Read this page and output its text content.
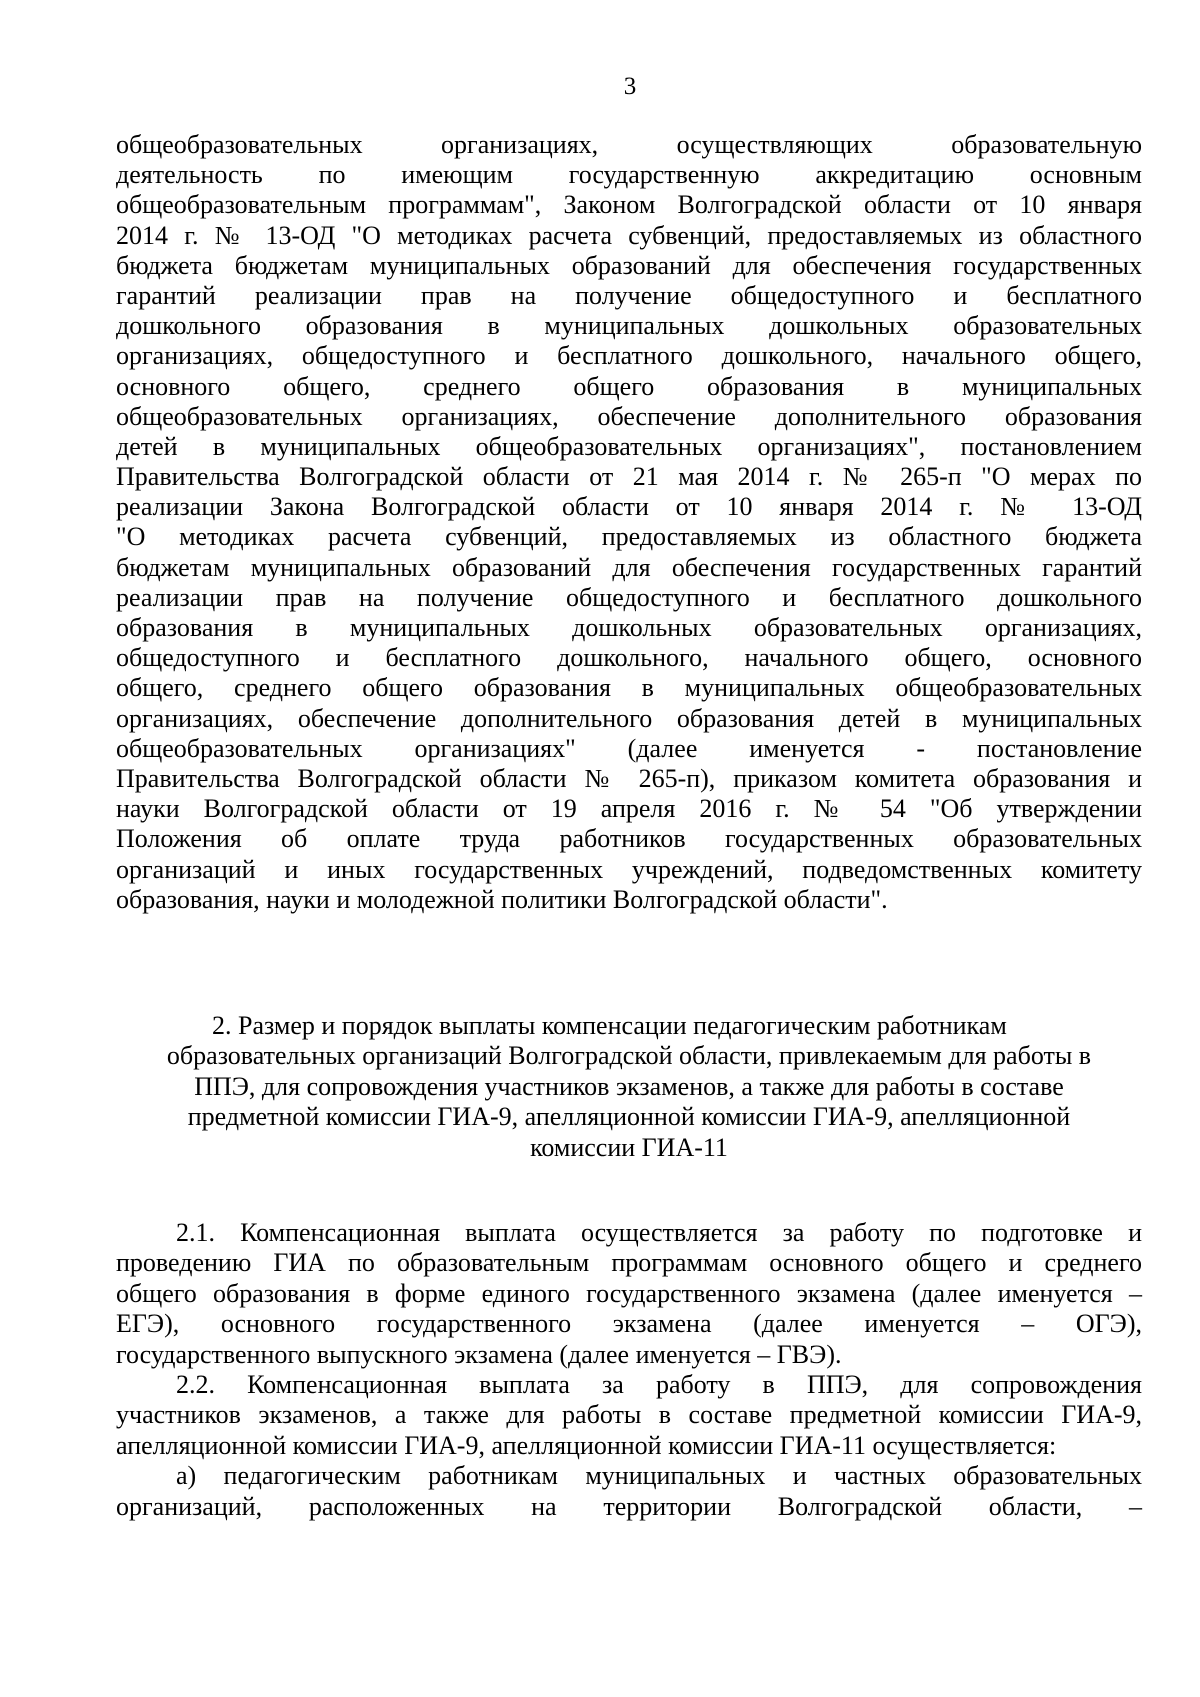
3
общеобразовательных организациях, осуществляющих образовательную
деятельность по имеющим государственную аккредитацию основным
общеобразовательным программам", Законом Волгоградской области от 10 января
2014 г. № 13-ОД "О методиках расчета субвенций, предоставляемых из областного
бюджета бюджетам муниципальных образований для обеспечения государственных
гарантий реализации прав на получение общедоступного и бесплатного
дошкольного образования в муниципальных дошкольных образовательных
организациях, общедоступного и бесплатного дошкольного, начального общего,
основного общего, среднего общего образования в муниципальных
общеобразовательных организациях, обеспечение дополнительного образования
детей в муниципальных общеобразовательных организациях", постановлением
Правительства Волгоградской области от 21 мая 2014 г. № 265-п "О мерах по
реализации Закона Волгоградской области от 10 января 2014 г. № 13-ОД
"О методиках расчета субвенций, предоставляемых из областного бюджета
бюджетам муниципальных образований для обеспечения государственных гарантий
реализации прав на получение общедоступного и бесплатного дошкольного
образования в муниципальных дошкольных образовательных организациях,
общедоступного и бесплатного дошкольного, начального общего, основного
общего, среднего общего образования в муниципальных общеобразовательных
организациях, обеспечение дополнительного образования детей в муниципальных
общеобразовательных организациях" (далее именуется - постановление
Правительства Волгоградской области № 265-п), приказом комитета образования и
науки Волгоградской области от 19 апреля 2016 г. № 54 "Об утверждении
Положения об оплате труда работников государственных образовательных
организаций и иных государственных учреждений, подведомственных комитету
образования, науки и молодежной политики Волгоградской области".
2. Размер и порядок выплаты компенсации педагогическим работникам
образовательных организаций Волгоградской области, привлекаемым для работы в
ППЭ, для сопровождения участников экзаменов, а также для работы в составе
предметной комиссии ГИА-9, апелляционной комиссии ГИА-9, апелляционной
комиссии ГИА-11
2.1. Компенсационная выплата осуществляется за работу по подготовке и
проведению ГИА по образовательным программам основного общего и среднего
общего образования в форме единого государственного экзамена (далее именуется –
ЕГЭ), основного государственного экзамена (далее именуется – ОГЭ),
государственного выпускного экзамена (далее именуется – ГВЭ).
2.2. Компенсационная выплата за работу в ППЭ, для сопровождения
участников экзаменов, а также для работы в составе предметной комиссии ГИА-9,
апелляционной комиссии ГИА-9, апелляционной комиссии ГИА-11 осуществляется:
а) педагогическим работникам муниципальных и частных образовательных
организаций, расположенных на территории Волгоградской области, –
